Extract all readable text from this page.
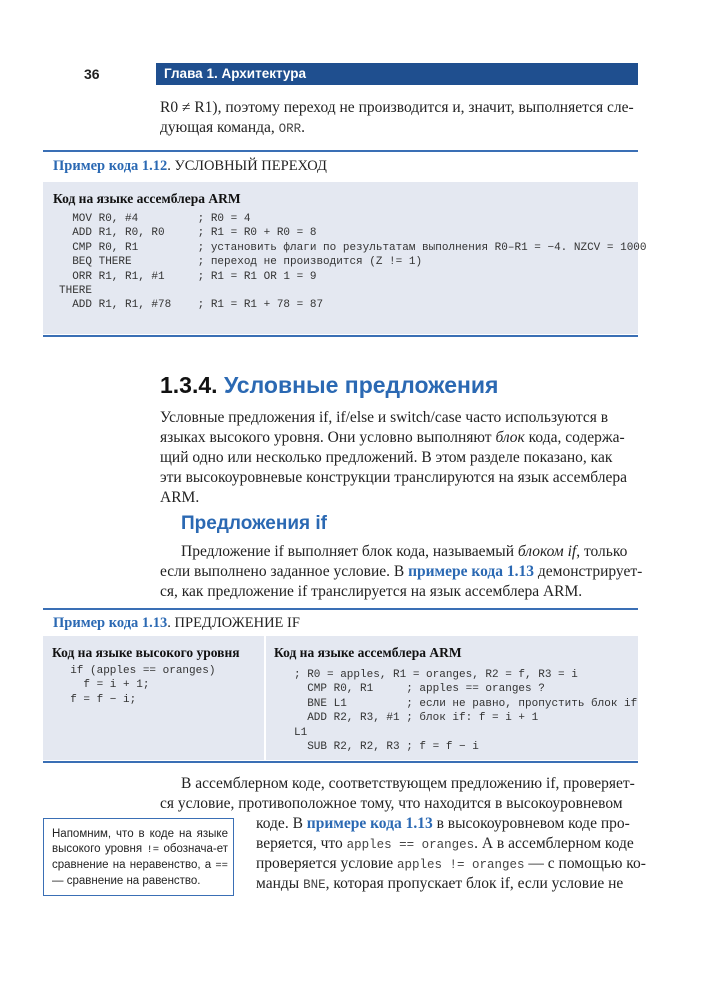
36	Глава 1. Архитектура
R0 ≠ R1), поэтому переход не производится и, значит, выполняется сле-
дующая команда, ORR.
Пример кода 1.12. УСЛОВНЫЙ ПЕРЕХОД
Код на языке ассемблера ARM
MOV R0, #4         ; R0 = 4
ADD R1, R0, R0     ; R1 = R0 + R0 = 8
CMP R0, R1         ; установить флаги по результатам выполнения R0–R1 = −4. NZCV = 1000
BEQ THERE          ; переход не производится (Z != 1)
ORR R1, R1, #1     ; R1 = R1 OR 1 = 9
THERE
ADD R1, R1, #78    ; R1 = R1 + 78 = 87
1.3.4. Условные предложения
Условные предложения if, if/else и switch/case часто используются в
языках высокого уровня. Они условно выполняют блок кода, содержа-
щий одно или несколько предложений. В этом разделе показано, как
эти высокоуровневые конструкции транслируются на язык ассемблера
ARM.
Предложения if
Предложение if выполняет блок кода, называемый блоком if, только
если выполнено заданное условие. В примере кода 1.13 демонстрирует-
ся, как предложение if транслируется на язык ассемблера ARM.
Пример кода 1.13. ПРЕДЛОЖЕНИЕ IF
Код на языке высокого уровня
if (apples == oranges)
f = i + 1;
f = f − i;
Код на языке ассемблера ARM
; R0 = apples, R1 = oranges, R2 = f, R3 = i
CMP R0, R1     ; apples == oranges ?
BNE L1         ; если не равно, пропустить блок if
ADD R2, R3, #1 ; блок if: f = i + 1
L1
SUB R2, R2, R3 ; f = f − i
В ассемблерном коде, соответствующем предложению if, проверяет-
ся условие, противоположное тому, что находится в высокоуровневом
коде. В примере кода 1.13 в высокоуровневом коде про-
веряется, что apples == oranges. А в ассемблерном коде
проверяется условие apples != oranges — с помощью ко-
манды BNE, которая пропускает блок if, если условие не
Напомним, что в коде на языке высокого уровня != обознача-ет сравнение на неравенство, а == — сравнение на равенство.
